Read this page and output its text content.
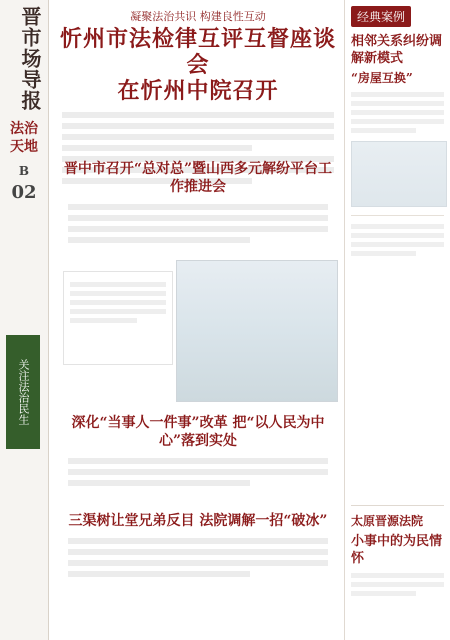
晋市场导报
法治天地
B
02
关注法治民生
凝聚法治共识 构建良性互动
忻州市法检律互评互督座谈会
在忻州中院召开
晋中市召开“总对总”暨山西多元解纷平台工作推进会
深化“当事人一件事”改革 把“以人民为中心”落到实处
三渠树让堂兄弟反目 法院调解一招“破冰”
经典案例
相邻关系纠纷调解新模式
“房屋互换”
太原晋源法院
小事中的为民情怀
